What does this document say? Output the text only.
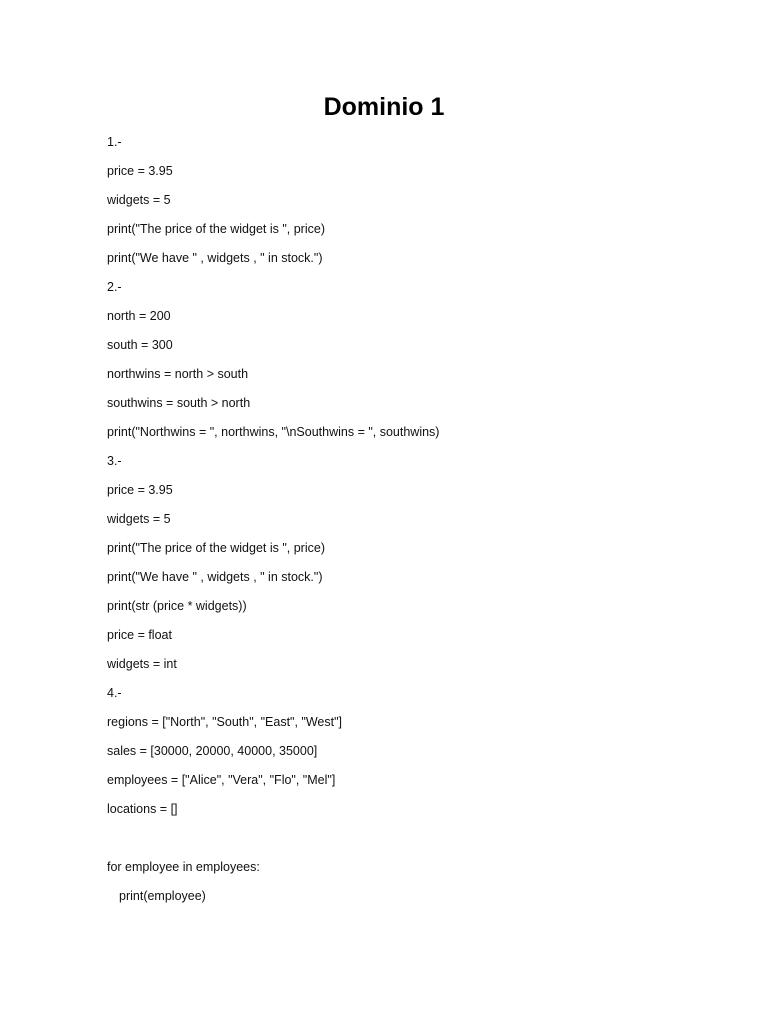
Dominio 1
1.-
price = 3.95
widgets = 5
print("The price of the widget is ", price)
print("We have " , widgets , " in stock.")
2.-
north = 200
south = 300
northwins = north > south
southwins = south > north
print("Northwins = ", northwins, "\nSouthwins = ", southwins)
3.-
price = 3.95
widgets = 5
print("The price of the widget is ", price)
print("We have " , widgets , " in stock.")
print(str (price * widgets))
price = float
widgets = int
4.-
regions = ["North", "South", "East", "West"]
sales = [30000, 20000, 40000, 35000]
employees = ["Alice", "Vera", "Flo", "Mel"]
locations = []
for employee in employees:
print(employee)
